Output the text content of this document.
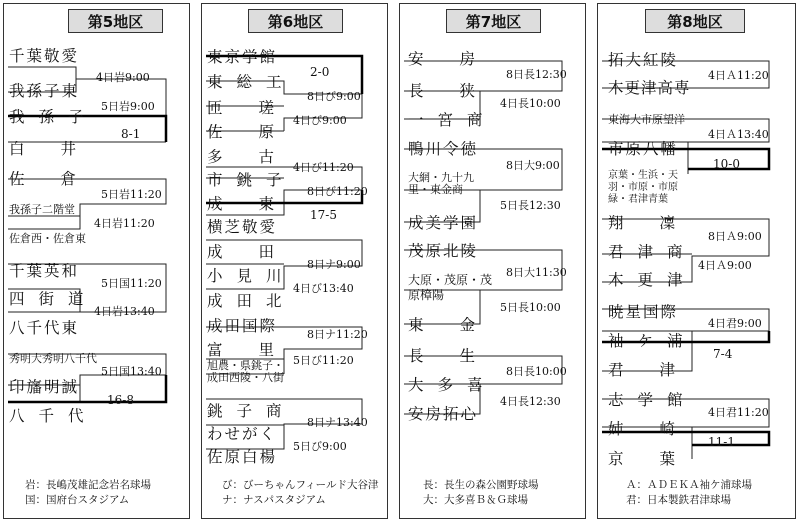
第5地区
千葉敬愛
我孫子東
我孫子
白井
佐倉
我孫子二階堂
佐倉西・佐倉東
千葉英和
四街道
八千代東
秀明大秀明八千代
印旛明誠
八千代
4日岩9:00
5日岩9:00
8-1
5日岩11:20
4日岩11:20
5日国11:20
4日岩13:40
5日国13:40
16-8
岩：長嶋茂雄記念岩名球場
国：国府台スタジアム
第6地区
東京学館
東総工
匝瑳
佐原
多古
市銚子
成東
横芝敬愛
成田
小見川
成田北
成田国際
富里
旭農・県銚子・成田西陵・八街
銚子商
わせがく
佐原白楊
2-0
8日び9:00
4日び9:00
4日び11:20
8日び11:20
17-5
8日ナ9:00
4日び13:40
8日ナ11:20
5日び11:20
8日ナ13:40
5日び9:00
び：びーちゃんフィールド大谷津
ナ：ナスパスタジアム
第7地区
安房
長狭
一宮商
鴨川令徳
大網・九十九里・東金商
成美学園
茂原北陵
大原・茂原・茂原樟陽
東金
長生
大多喜
安房拓心
8日長12:30
4日長10:00
8日大9:00
5日長12:30
8日大11:30
5日長10:00
8日長10:00
4日長12:30
長：長生の森公園野球場
大：大多喜Ｂ＆Ｇ球場
第8地区
拓大紅陵
木更津高専
東海大市原望洋
市原八幡
京葉・生浜・天羽・市原・市原緑・君津青葉
翔凜
君津商
木更津
暁星国際
袖ケ浦
君津
志学館
姉崎
京葉
4日Ａ11:20
4日Ａ13:40
10-0
8日Ａ9:00
4日Ａ9:00
4日君9:00
7-4
4日君11:20
11-1
Ａ：ＡＤＥＫＡ袖ケ浦球場
君：日本製鉄君津球場
